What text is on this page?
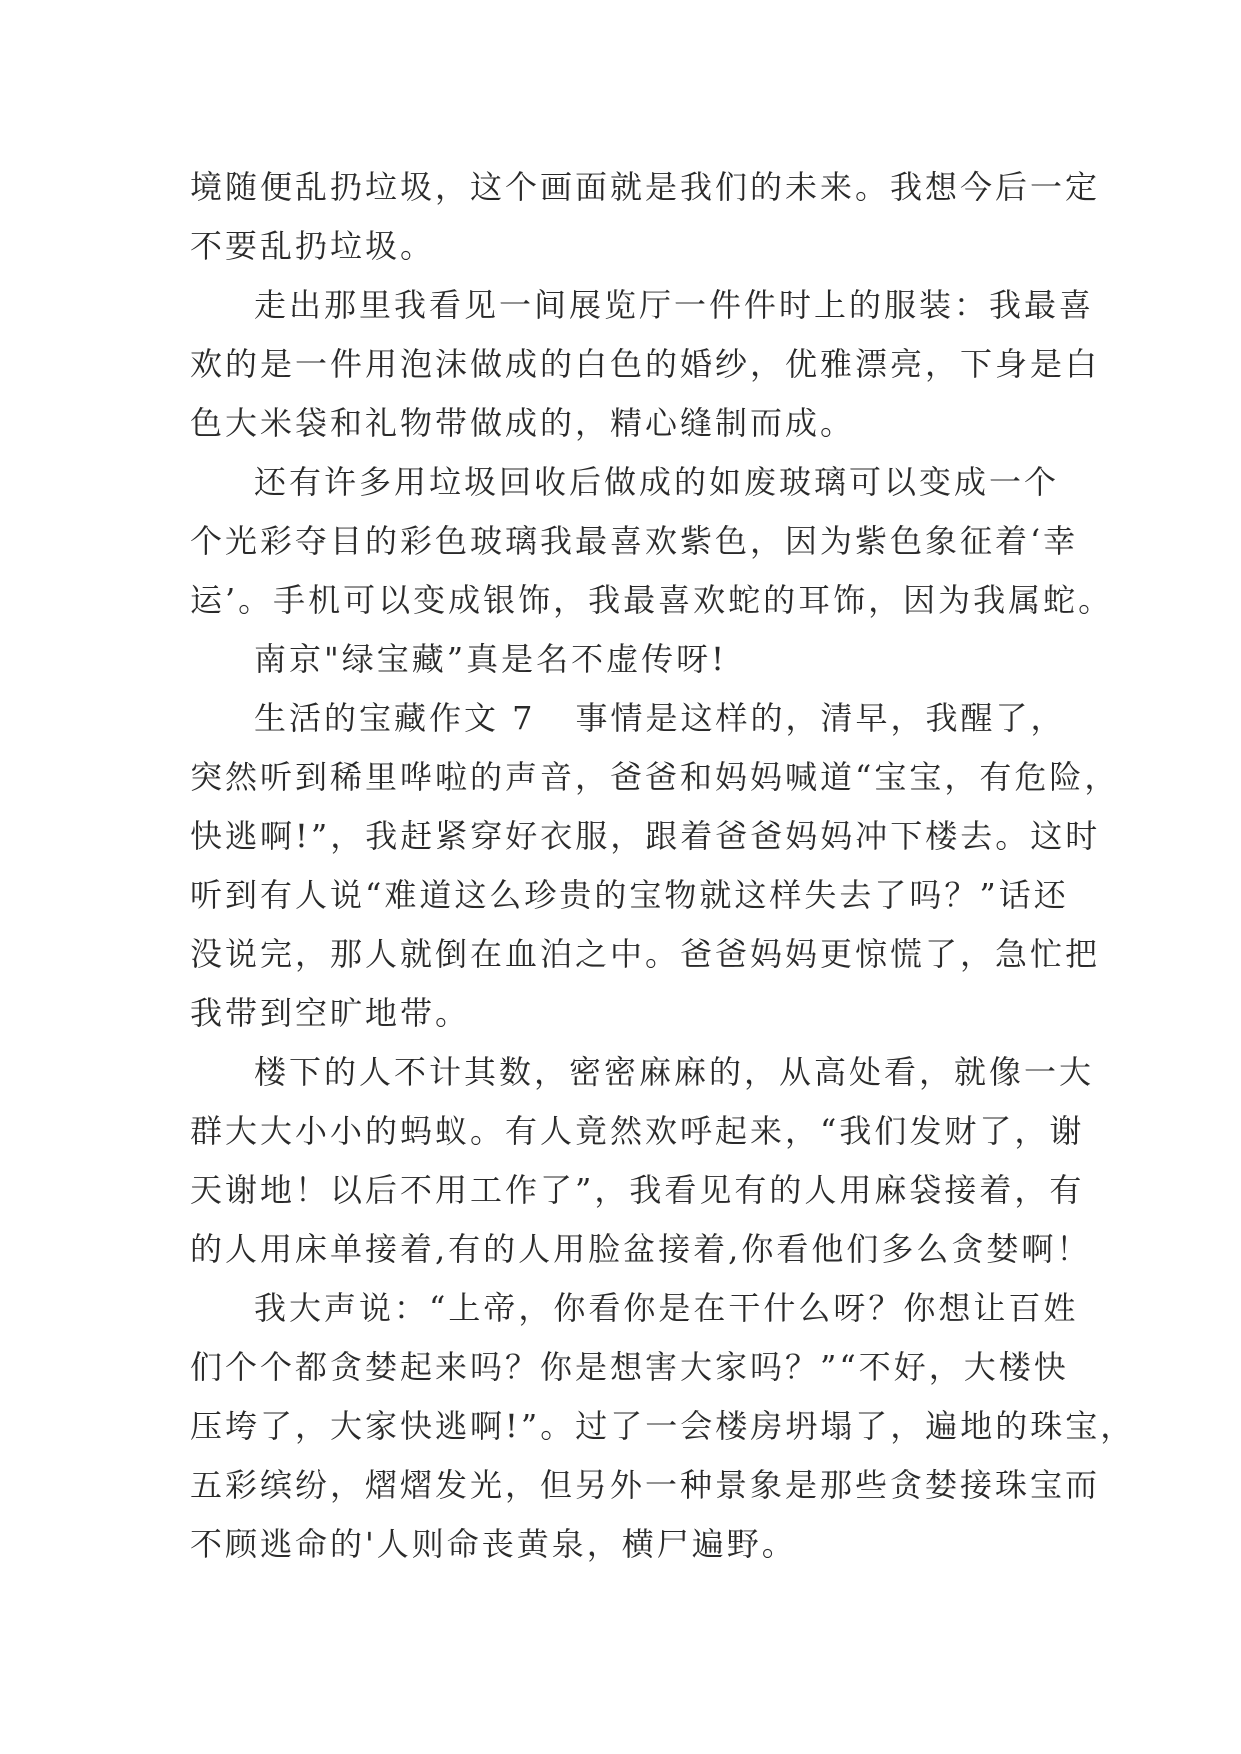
境随便乱扔垃圾，这个画面就是我们的未来。我想今后一定
不要乱扔垃圾。
走出那里我看见一间展览厅一件件时上的服装：我最喜
欢的是一件用泡沫做成的白色的婚纱，优雅漂亮，下身是白
色大米袋和礼物带做成的，精心缝制而成。
还有许多用垃圾回收后做成的如废玻璃可以变成一个
个光彩夺目的彩色玻璃我最喜欢紫色，因为紫色象征着‘幸
运’。手机可以变成银饰，我最喜欢蛇的耳饰，因为我属蛇。
南京"绿宝藏”真是名不虚传呀!
生活的宝藏作文 7 事情是这样的，清早，我醒了，
突然听到稀里哗啦的声音，爸爸和妈妈喊道“宝宝，有危险，
快逃啊!”，我赶紧穿好衣服，跟着爸爸妈妈冲下楼去。这时
听到有人说“难道这么珍贵的宝物就这样失去了吗？”话还
没说完，那人就倒在血泊之中。爸爸妈妈更惊慌了，急忙把
我带到空旷地带。
楼下的人不计其数，密密麻麻的，从高处看，就像一大
群大大小小的蚂蚁。有人竟然欢呼起来，“我们发财了，谢
天谢地！以后不用工作了”，我看见有的人用麻袋接着，有
的人用床单接着,有的人用脸盆接着,你看他们多么贪婪啊！
我大声说：“上帝，你看你是在干什么呀？你想让百姓
们个个都贪婪起来吗？你是想害大家吗？”“不好，大楼快
压垮了，大家快逃啊!”。过了一会楼房坍塌了，遍地的珠宝，
五彩缤纷，熠熠发光，但另外一种景象是那些贪婪接珠宝而
不顾逃命的'人则命丧黄泉，横尸遍野。
